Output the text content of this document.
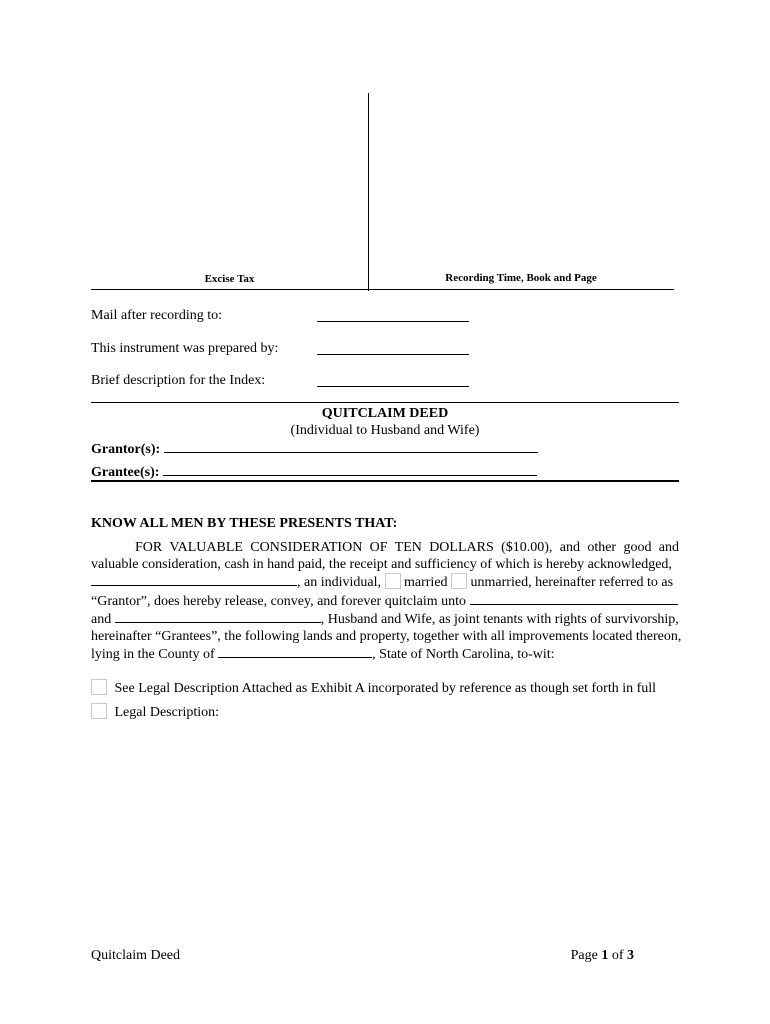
Excise Tax	Recording Time, Book and Page
Mail after recording to:
This instrument was prepared by:
Brief description for the Index:
QUITCLAIM DEED
(Individual to Husband and Wife)
Grantor(s):
Grantee(s):
KNOW ALL MEN BY THESE PRESENTS THAT:
FOR VALUABLE CONSIDERATION OF TEN DOLLARS ($10.00), and other good and
valuable consideration, cash in hand paid, the receipt and sufficiency of which is hereby acknowledged,
, an individual, married unmarried, hereinafter referred to as
“Grantor”, does hereby release, convey, and forever quitclaim unto
and	, Husband and Wife, as joint tenants with rights of survivorship,
hereinafter “Grantees”, the following lands and property, together with all improvements located thereon,
lying in the County of	, State of North Carolina, to-wit:
See Legal Description Attached as Exhibit A incorporated by reference as though set forth in full
Legal Description:
Quitclaim Deed	Page 1 of 3
